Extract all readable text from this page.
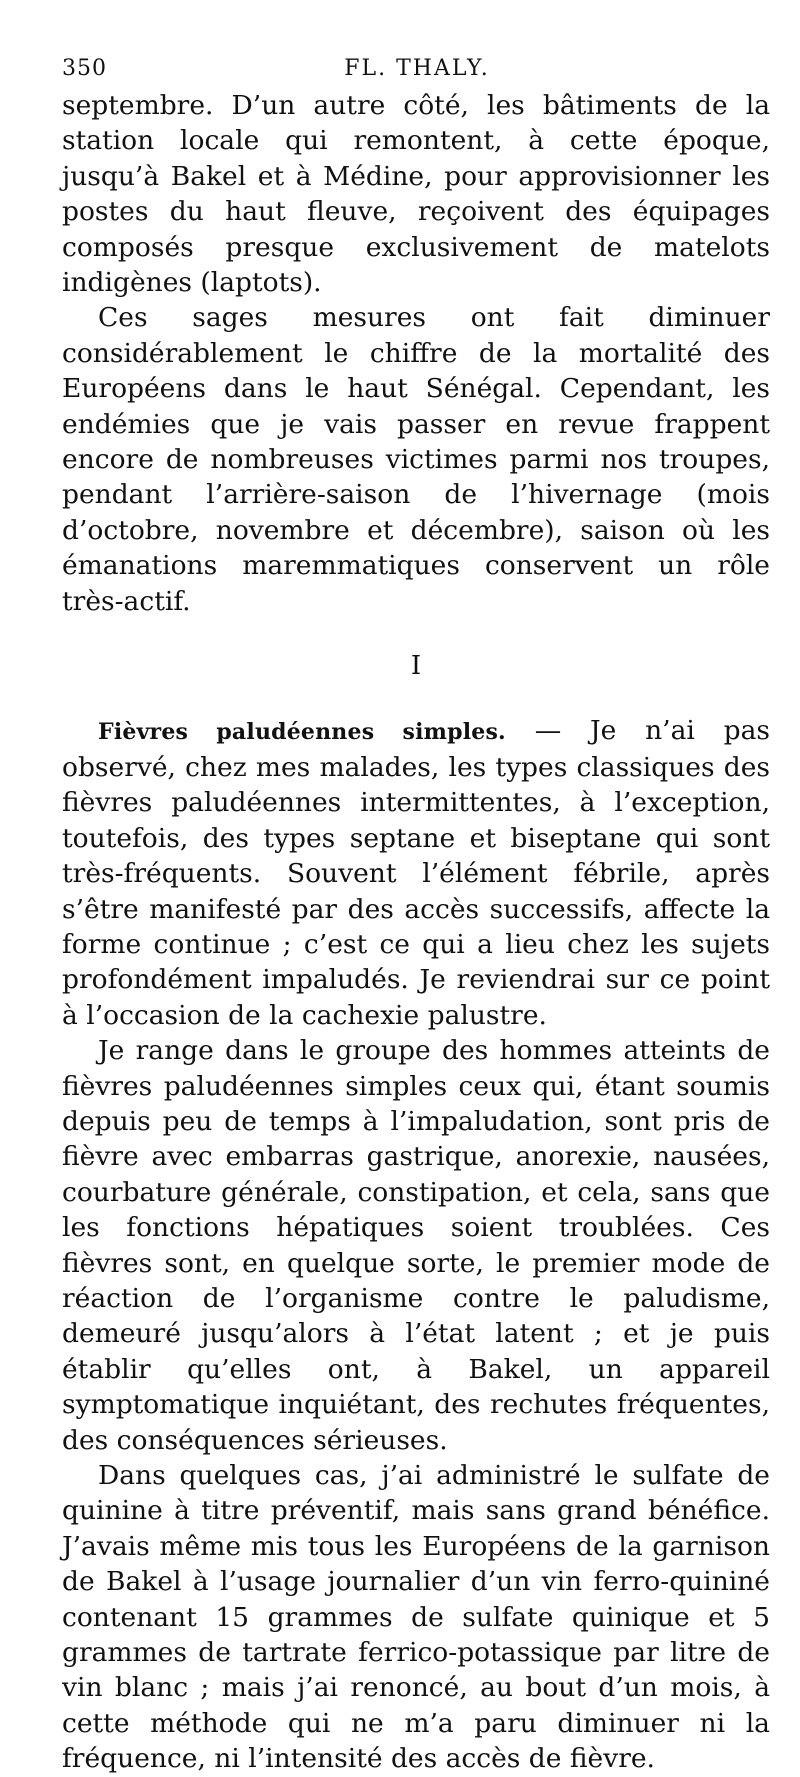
350	FL. THALY.

septembre. D’un autre côté, les bâtiments de la station locale qui remontent, à cette époque, jusqu’à Bakel et à Médine, pour approvisionner les postes du haut fleuve, reçoivent des équipages composés presque exclusivement de matelots indigènes (laptots).

Ces sages mesures ont fait diminuer considérablement le chiffre de la mortalité des Européens dans le haut Sénégal. Cependant, les endémies que je vais passer en revue frappent encore de nombreuses victimes parmi nos troupes, pendant l’arrière-saison de l’hivernage (mois d’octobre, novembre et décembre), saison où les émanations maremmatiques conservent un rôle très-actif.

I

Fièvres paludéennes simples. — Je n’ai pas observé, chez mes malades, les types classiques des fièvres paludéennes intermittentes, à l’exception, toutefois, des types septane et biseptane qui sont très-fréquents. Souvent l’élément fébrile, après s’être manifesté par des accès successifs, affecte la forme continue ; c’est ce qui a lieu chez les sujets profondément impaludés. Je reviendrai sur ce point à l’occasion de la cachexie palustre.

Je range dans le groupe des hommes atteints de fièvres paludéennes simples ceux qui, étant soumis depuis peu de temps à l’impaludation, sont pris de fièvre avec embarras gastrique, anorexie, nausées, courbature générale, constipation, et cela, sans que les fonctions hépatiques soient troublées. Ces fièvres sont, en quelque sorte, le premier mode de réaction de l’organisme contre le paludisme, demeuré jusqu’alors à l’état latent ; et je puis établir qu’elles ont, à Bakel, un appareil symptomatique inquiétant, des rechutes fréquentes, des conséquences sérieuses.

Dans quelques cas, j’ai administré le sulfate de quinine à titre préventif, mais sans grand bénéfice. J’avais même mis tous les Européens de la garnison de Bakel à l’usage journalier d’un vin ferro-quininé contenant 15 grammes de sulfate quinique et 5 grammes de tartrate ferrico-potassique par litre de vin blanc ; mais j’ai renoncé, au bout d’un mois, à cette méthode qui ne m’a paru diminuer ni la fréquence, ni l’intensité des accès de fièvre.
